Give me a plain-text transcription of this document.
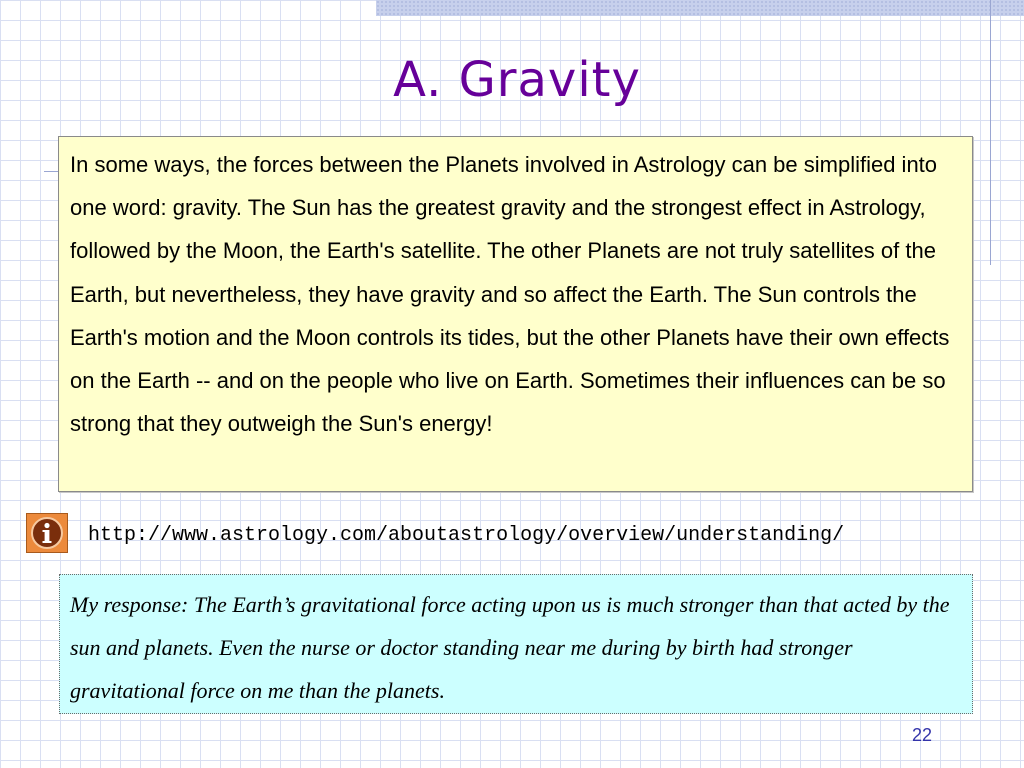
A. Gravity

In some ways, the forces between the Planets involved in Astrology can be simplified into one word: gravity. The Sun has the greatest gravity and the strongest effect in Astrology, followed by the Moon, the Earth's satellite. The other Planets are not truly satellites of the Earth, but nevertheless, they have gravity and so affect the Earth. The Sun controls the Earth's motion and the Moon controls its tides, but the other Planets have their own effects on the Earth -- and on the people who live on Earth. Sometimes their influences can be so strong that they outweigh the Sun's energy!

http://www.astrology.com/aboutastrology/overview/understanding/

My response: The Earth’s gravitational force acting upon us is much stronger than that acted by the sun and planets. Even the nurse or doctor standing near me during by birth had stronger gravitational force on me than the planets.

22
